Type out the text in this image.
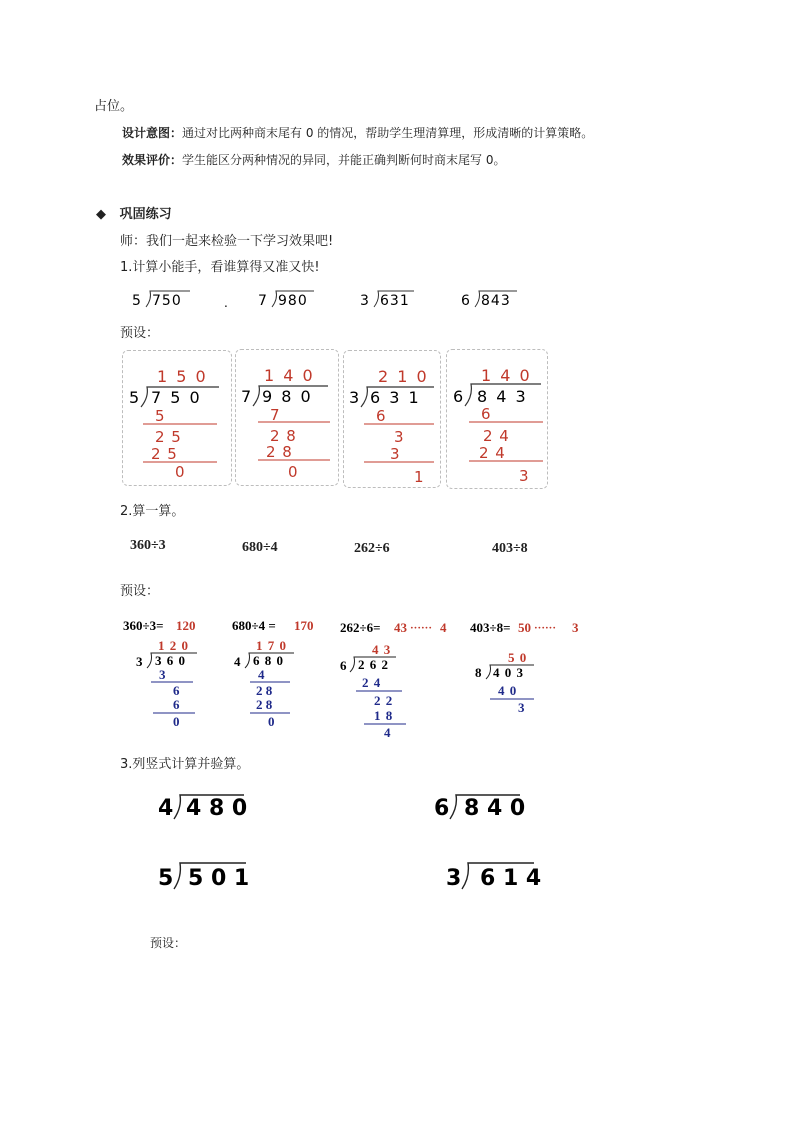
占位。
设计意图：通过对比两种商末尾有 0 的情况，帮助学生理清算理，形成清晰的计算策略。
效果评价：学生能区分两种情况的异同，并能正确判断何时商末尾写 0。
◆ 巩固练习
师：我们一起来检验一下学习效果吧!
1.计算小能手，看谁算得又准又快!
5 750	. 7 980	3 631	6 843
预设：
1 5 0
5 7 5 0
5
2 5
2 5
0
1 4 0
7 9 8 0
7
2 8
2 8
0
2 1 0
3 6 3 1
6
3
3
1
1 4 0
6 8 4 3
6
2 4
2 4
3
2.算一算。
360÷3	680÷4	262÷6	403÷8
预设：
360÷3= 120
1 2 0
3 3 6 0
3
6
6
0
680÷4 = 170
1 7 0
4 6 8 0
4
2 8
2 8
0
262÷6= 43 ······ 4
4 3
6 2 6 2
2 4
2 2
1 8
4
403÷8= 50 ······ 3
5 0
8 4 0 3
4 0
3
3.列竖式计算并验算。
4 4 8 0	6 8 4 0
5 5 0 1	3 6 1 4
预设：
